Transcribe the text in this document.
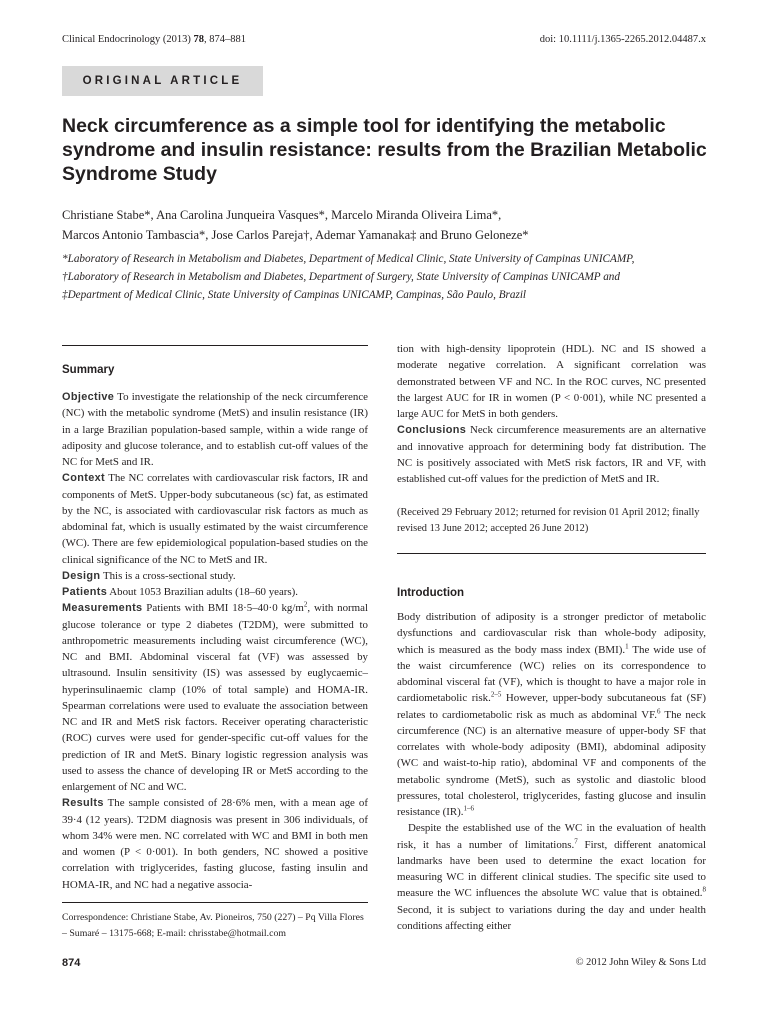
Clinical Endocrinology (2013) 78, 874–881	doi: 10.1111/j.1365-2265.2012.04487.x
ORIGINAL ARTICLE
Neck circumference as a simple tool for identifying the metabolic syndrome and insulin resistance: results from the Brazilian Metabolic Syndrome Study
Christiane Stabe*, Ana Carolina Junqueira Vasques*, Marcelo Miranda Oliveira Lima*,
Marcos Antonio Tambascia*, Jose Carlos Pareja†, Ademar Yamanaka‡ and Bruno Geloneze*
*Laboratory of Research in Metabolism and Diabetes, Department of Medical Clinic, State University of Campinas UNICAMP,
†Laboratory of Research in Metabolism and Diabetes, Department of Surgery, State University of Campinas UNICAMP and
‡Department of Medical Clinic, State University of Campinas UNICAMP, Campinas, São Paulo, Brazil
Summary

Objective To investigate the relationship of the neck circumference (NC) with the metabolic syndrome (MetS) and insulin resistance (IR) in a large Brazilian population-based sample, within a wide range of adiposity and glucose tolerance, and to establish cut-off values of the NC for MetS and IR.

Context The NC correlates with cardiovascular risk factors, IR and components of MetS. Upper-body subcutaneous (sc) fat, as estimated by the NC, is associated with cardiovascular risk factors as much as abdominal fat, which is usually estimated by the waist circumference (WC). There are few epidemiological population-based studies on the clinical significance of the NC to MetS and IR.

Design This is a cross-sectional study.

Patients About 1053 Brazilian adults (18–60 years).

Measurements Patients with BMI 18·5–40·0 $kg/m^2$, with normal glucose tolerance or type 2 diabetes (T2DM), were submitted to anthropometric measurements including waist circumference (WC), NC and BMI. Abdominal visceral fat (VF) was assessed by ultrasound. Insulin sensitivity (IS) was assessed by euglycaemic–hyperinsulinaemic clamp (10% of total sample) and HOMA-IR. Spearman correlations were used to evaluate the association between NC and IR and MetS risk factors. Receiver operating characteristic (ROC) curves were used for gender-specific cut-off values for the prediction of IR and MetS. Binary logistic regression analysis was used to assess the chance of developing IR or MetS according to the enlargement of NC and WC.

Results The sample consisted of 28·6% men, with a mean age of 39·4 (12 years). T2DM diagnosis was present in 306 individuals, of whom 34% were men. NC correlated with WC and BMI in both men and women (P < 0·001). In both genders, NC showed a positive correlation with triglycerides, fasting glucose, fasting insulin and HOMA-IR, and NC had a negative associa-

Correspondence: Christiane Stabe, Av. Pioneiros, 750 (227) – Pq Villa Flores – Sumaré – 13175-668; E-mail: chrisstabe@hotmail.com

tion with high-density lipoprotein (HDL). NC and IS showed a moderate negative correlation. A significant correlation was demonstrated between VF and NC. In the ROC curves, NC presented the largest AUC for IR in women (P < 0·001), while NC presented a large AUC for MetS in both genders.

Conclusions Neck circumference measurements are an alternative and innovative approach for determining body fat distribution. The NC is positively associated with MetS risk factors, IR and VF, with established cut-off values for the prediction of MetS and IR.

(Received 29 February 2012; returned for revision 01 April 2012; finally revised 13 June 2012; accepted 26 June 2012)
Introduction

Body distribution of adiposity is a stronger predictor of metabolic dysfunctions and cardiovascular risk than whole-body adiposity, which is measured as the body mass index (BMI).$^1$ The wide use of the waist circumference (WC) relies on its correspondence to abdominal visceral fat (VF), which is thought to have a major role in cardiometabolic risk.$^{2-5}$ However, upper-body subcutaneous fat (SF) relates to cardiometabolic risk as much as abdominal VF.$^6$ The neck circumference (NC) is an alternative measure of upper-body SF that correlates with whole-body adiposity (BMI), abdominal adiposity (WC and waist-to-hip ratio), abdominal VF and components of the metabolic syndrome (MetS), such as systolic and diastolic blood pressures, total cholesterol, triglycerides, fasting glucose and insulin resistance (IR).$^{1-6}$

Despite the established use of the WC in the evaluation of health risk, it has a number of limitations.$^7$ First, different anatomical landmarks have been used to determine the exact location for measuring WC in different clinical studies. The specific site used to measure the WC influences the absolute WC value that is obtained.$^8$ Second, it is subject to variations during the day and under health conditions affecting either

874	© 2012 John Wiley & Sons Ltd
